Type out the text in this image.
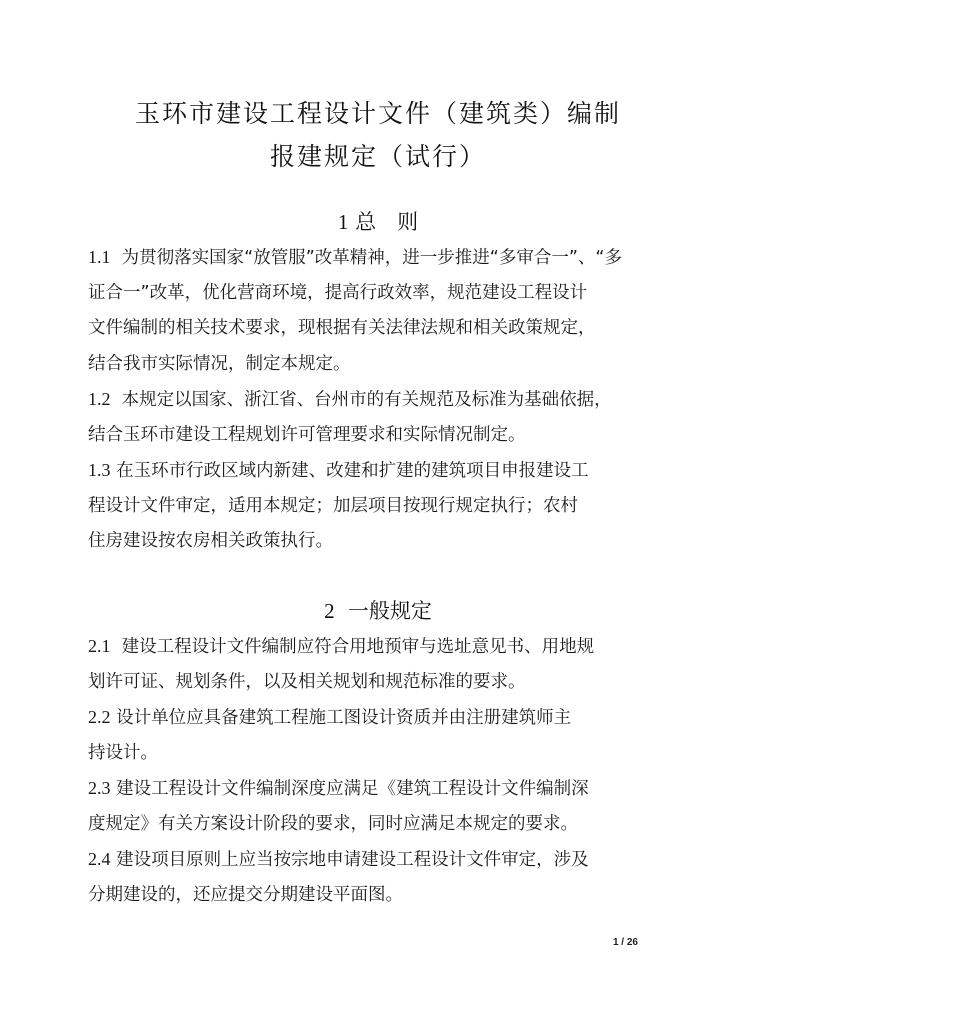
玉环市建设工程设计文件（建筑类）编制
报建规定（试行）
1 总　则
1.1 为贯彻落实国家“放管服”改革精神，进一步推进“多审合一”、“多
证合一”改革，优化营商环境，提高行政效率，规范建设工程设计
文件编制的相关技术要求，现根据有关法律法规和相关政策规定，
结合我市实际情况，制定本规定。
1.2 本规定以国家、浙江省、台州市的有关规范及标准为基础依据，
结合玉环市建设工程规划许可管理要求和实际情况制定。
1.3 在玉环市行政区域内新建、改建和扩建的建筑项目申报建设工
程设计文件审定，适用本规定；加层项目按现行规定执行；农村
住房建设按农房相关政策执行。
2 一般规定
2.1 建设工程设计文件编制应符合用地预审与选址意见书、用地规
划许可证、规划条件，以及相关规划和规范标准的要求。
2.2 设计单位应具备建筑工程施工图设计资质并由注册建筑师主
持设计。
2.3 建设工程设计文件编制深度应满足《建筑工程设计文件编制深
度规定》有关方案设计阶段的要求，同时应满足本规定的要求。
2.4 建设项目原则上应当按宗地申请建设工程设计文件审定，涉及
分期建设的，还应提交分期建设平面图。
1 / 26
